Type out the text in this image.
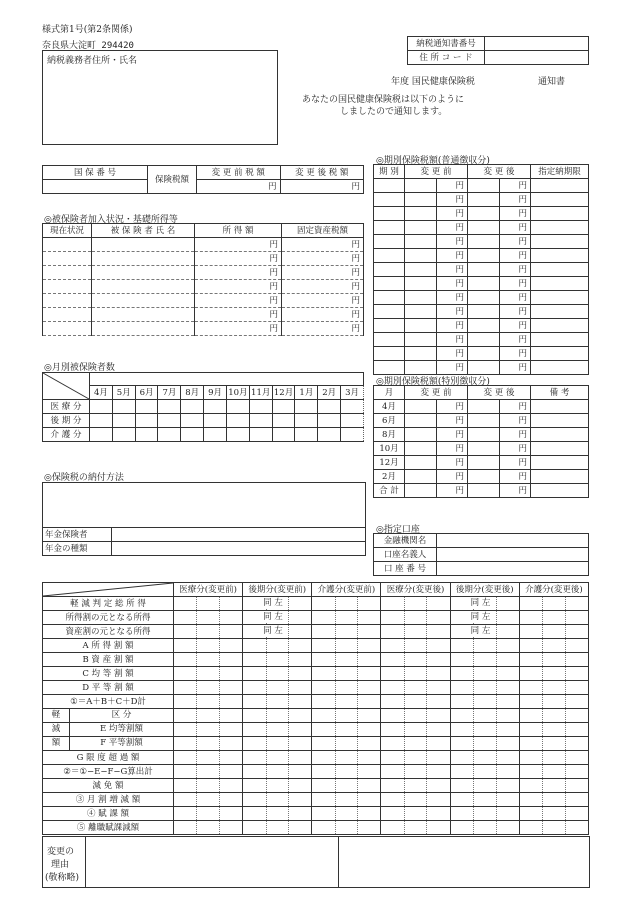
様式第1号(第2条関係)
奈良県大淀町 294420
納税義務者住所・氏名
納税通知書番号	
住 所 コ ー ド	
年度 国民健康保険税	通知書
あなたの国民健康保険税は以下のように
しましたので通知します。
国 保 番 号	保険税額	変 更 前 税 額	変 更 後 税 額
		円	円
◎被保険者加入状況・基礎所得等
現在状況	被 保 険 者 氏 名	所 得 額	固定資産税額
		円	円
		円	円
		円	円
		円	円
		円	円
		円	円
		円	円
◎月別被保険者数

	4月	5月	6月	7月	8月	9月	10月	11月	12月	1月	2月	3月
医 療 分												
後 期 分												
介 護 分												
◎保険税の納付方法
年金保険者	
年金の種類	
◎期別保険税額(普通徴収分)
期 別	変 更 前		変 更 後		指定納期限
		円		円	
		円		円	
		円		円	
		円		円	
		円		円	
		円		円	
		円		円	
		円		円	
		円		円	
		円		円	
		円		円	
		円		円	
		円		円	
		円		円	
◎期別保険税額(特別徴収分)
月	変 更 前		変 更 後		備 考
4月		円		円	
6月		円		円	
8月		円		円	
10月		円		円	
12月		円		円	
2月		円		円	
合 計		円		円	
◎指定口座
金融機関名	
口座名義人	
口 座 番 号	
	医療分(変更前)	後期分(変更前)	介護分(変更前)	医療分(変更後)	後期分(変更後)	介護分(変更後)
軽 減 判 定 総 所 得		同 左			同 左	

所得割の元となる所得		同 左			同 左	

資産割の元となる所得		同 左			同 左	

A 所 得 割 額	

B 資 産 割 額	

C 均 等 割 額	

D 平 等 割 額	

①＝A＋B＋C＋D計	

軽 区 分						

減 E 均等割額						

額 F 平等割額						

G 限 度 超 過 額	

②＝①−E−F−G算出計	

減 免 額	

③ 月 割 増 減 額	

④ 賦 課 額	

⑤ 離職賦課減額	

変更の
理由
(敬称略)
